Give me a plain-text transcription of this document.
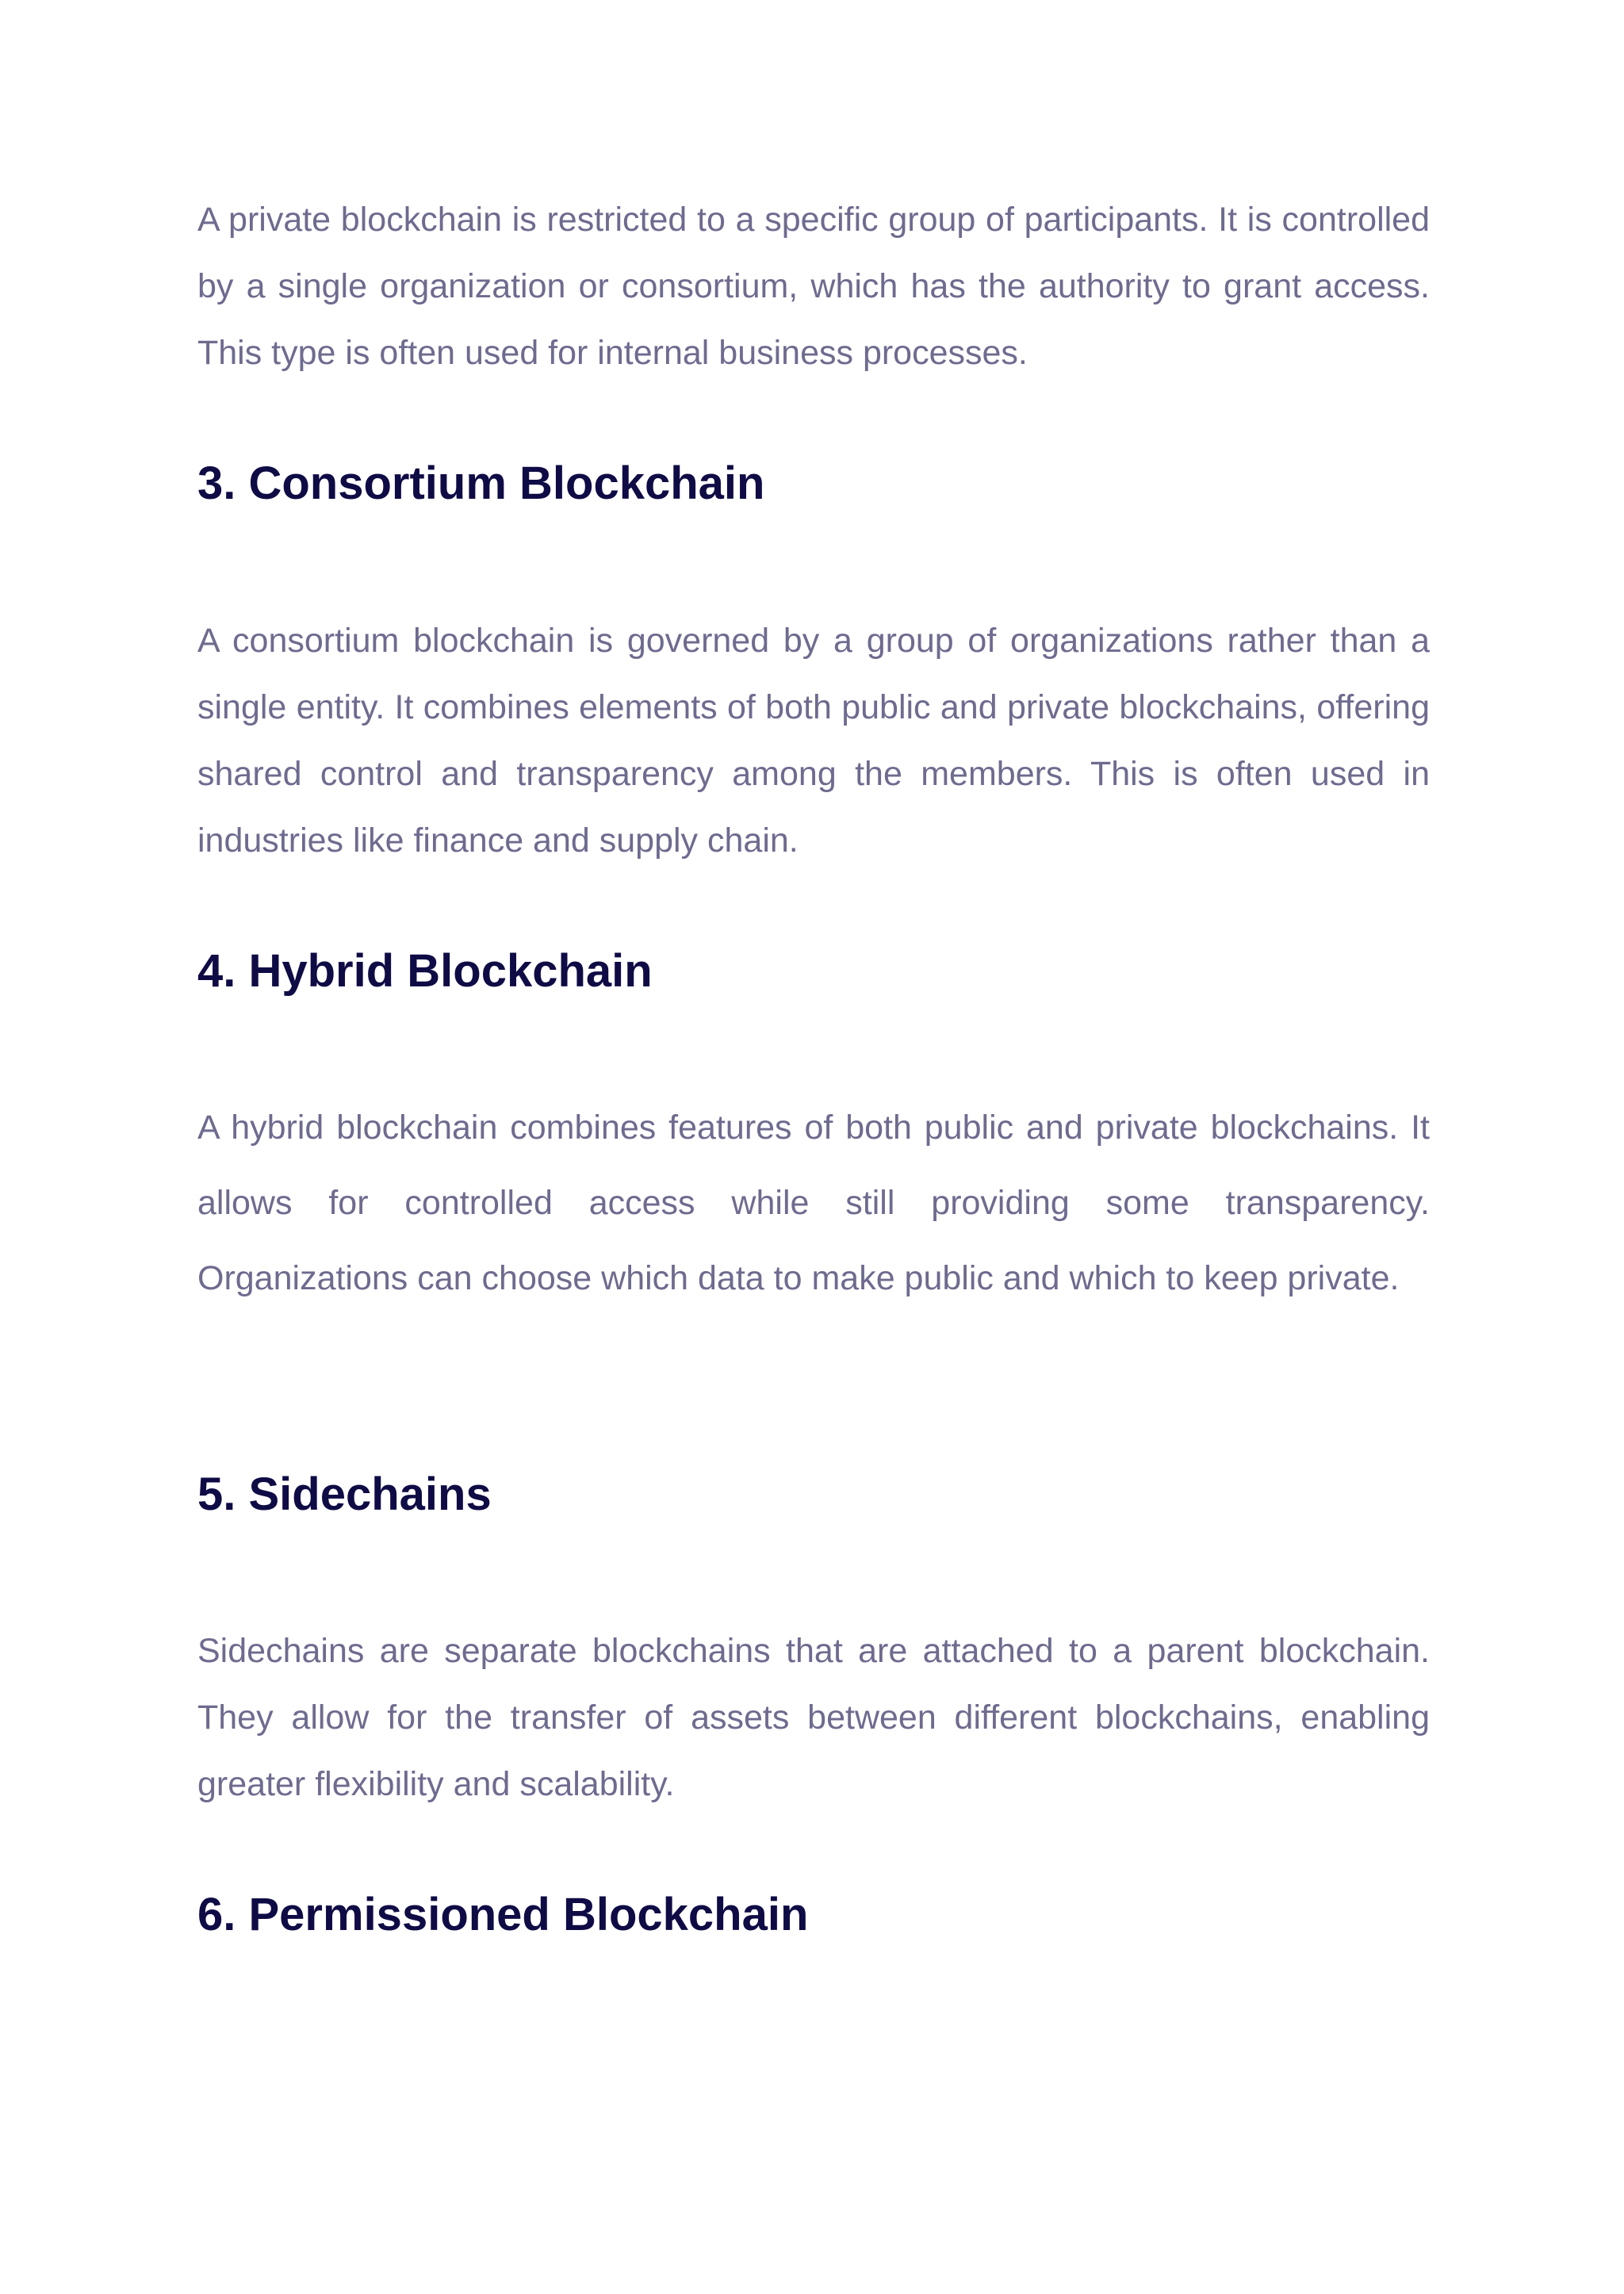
A private blockchain is restricted to a specific group of participants. It is controlled by a single organization or consortium, which has the authority to grant access. This type is often used for internal business processes.

3. Consortium Blockchain

A consortium blockchain is governed by a group of organizations rather than a single entity. It combines elements of both public and private blockchains, offering shared control and transparency among the members. This is often used in industries like finance and supply chain.

4. Hybrid Blockchain

A hybrid blockchain combines features of both public and private blockchains. It allows for controlled access while still providing some transparency. Organizations can choose which data to make public and which to keep private.

5. Sidechains

Sidechains are separate blockchains that are attached to a parent blockchain. They allow for the transfer of assets between different blockchains, enabling greater flexibility and scalability.

6. Permissioned Blockchain
